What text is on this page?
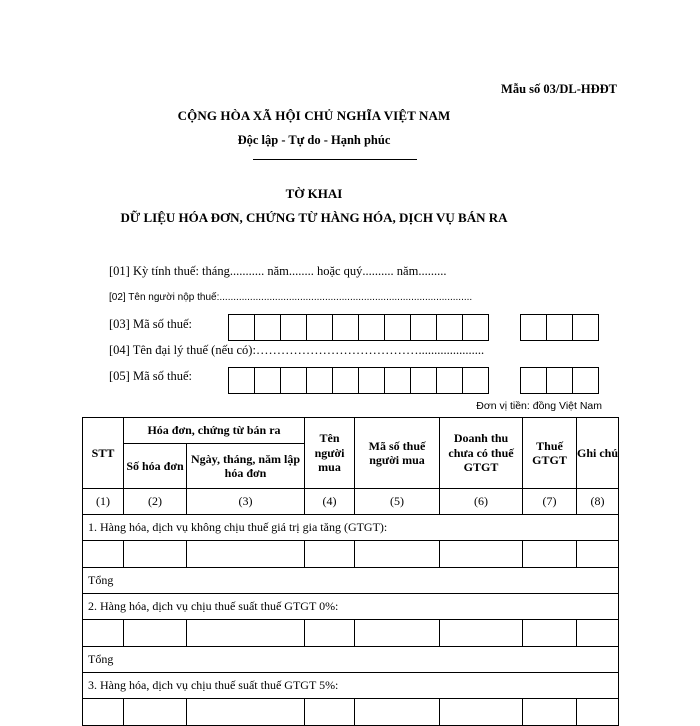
Mẫu số 03/DL-HĐĐT
CỘNG HÒA XÃ HỘI CHỦ NGHĨA VIỆT NAM
Độc lập - Tự do - Hạnh phúc
TỜ KHAI
DỮ LIỆU HÓA ĐƠN, CHỨNG TỪ HÀNG HÓA, DỊCH VỤ BÁN RA
[01] Kỳ tính thuế: tháng........... năm........ hoặc quý.......... năm.........
[02] Tên người nộp thuế:...........................................................................................
[03] Mã số thuế:
[04] Tên đại lý thuế (nếu có):………………………………….....................
[05] Mã số thuế:
Đơn vị tiền: đồng Việt Nam
STT	Hóa đơn, chứng từ bán ra		Tên người mua	Mã số thuế người mua	Doanh thu chưa có thuế GTGT	Thuế GTGT	Ghi chú
	Số hóa đơn	Ngày, tháng, năm lập hóa đơn					
(1)	(2)	(3)	(4)	(5)	(6)	(7)	(8)
1. Hàng hóa, dịch vụ không chịu thuế giá trị gia tăng (GTGT):							

Tổng							
2. Hàng hóa, dịch vụ chịu thuế suất thuế GTGT 0%:							

Tổng							
3. Hàng hóa, dịch vụ chịu thuế suất thuế GTGT 5%:							
